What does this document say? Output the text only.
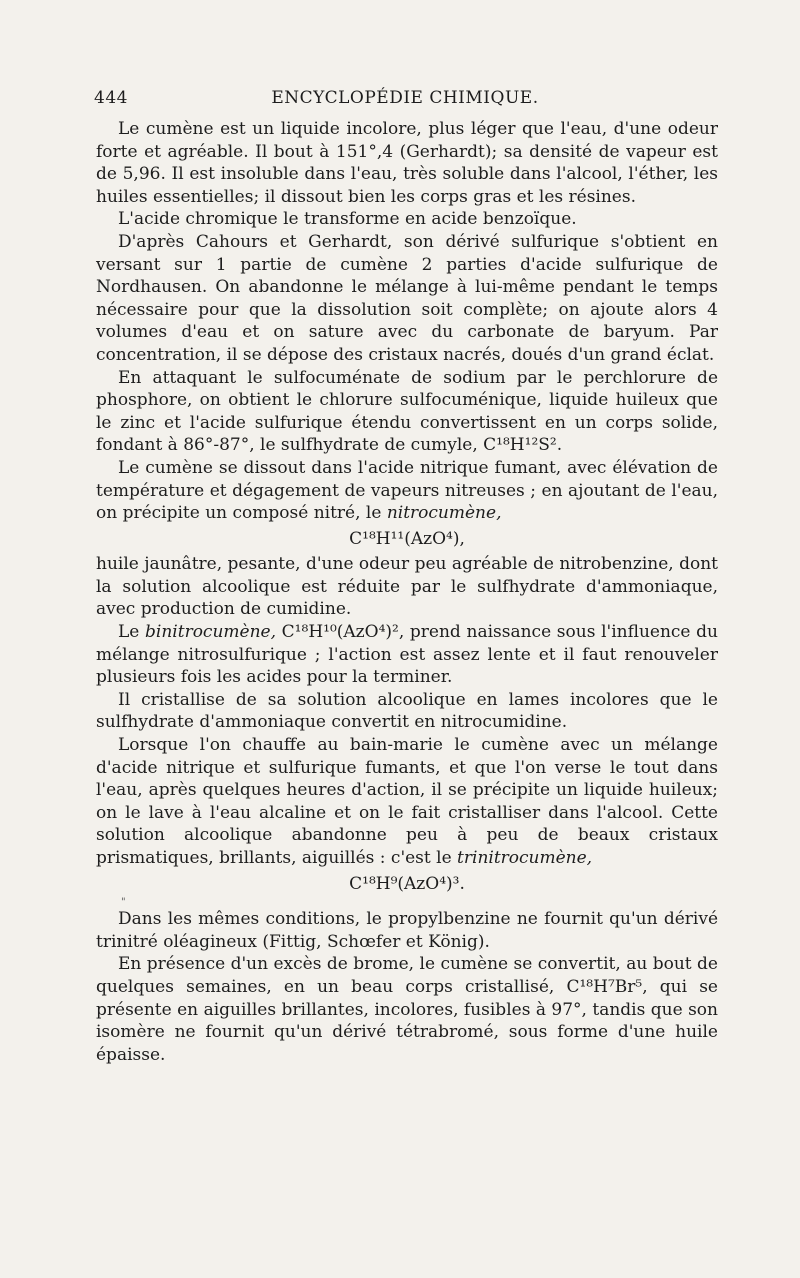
444	ENCYCLOPÉDIE CHIMIQUE.

Le cumène est un liquide incolore, plus léger que l'eau, d'une odeur forte et agréable. Il bout à 151°,4 (Gerhardt); sa densité de vapeur est de 5,96. Il est insoluble dans l'eau, très soluble dans l'alcool, l'éther, les huiles essentielles; il dissout bien les corps gras et les résines.

L'acide chromique le transforme en acide benzoïque.

D'après Cahours et Gerhardt, son dérivé sulfurique s'obtient en versant sur 1 partie de cumène 2 parties d'acide sulfurique de Nordhausen. On abandonne le mélange à lui-même pendant le temps nécessaire pour que la dissolution soit complète; on ajoute alors 4 volumes d'eau et on sature avec du carbonate de baryum. Par concentration, il se dépose des cristaux nacrés, doués d'un grand éclat.

En attaquant le sulfocuménate de sodium par le perchlorure de phosphore, on obtient le chlorure sulfocuménique, liquide huileux que le zinc et l'acide sulfurique étendu convertissent en un corps solide, fondant à 86°-87°, le sulfhydrate de cumyle, C¹⁸H¹²S².

Le cumène se dissout dans l'acide nitrique fumant, avec élévation de température et dégagement de vapeurs nitreuses ; en ajoutant de l'eau, on précipite un composé nitré, le nitrocumène,

C¹⁸H¹¹(AzO⁴),

huile jaunâtre, pesante, d'une odeur peu agréable de nitrobenzine, dont la solution alcoolique est réduite par le sulfhydrate d'ammoniaque, avec production de cumidine.

Le binitrocumène, C¹⁸H¹⁰(AzO⁴)², prend naissance sous l'influence du mélange nitrosulfurique ; l'action est assez lente et il faut renouveler plusieurs fois les acides pour la terminer.

Il cristallise de sa solution alcoolique en lames incolores que le sulfhydrate d'ammoniaque convertit en nitrocumidine.

Lorsque l'on chauffe au bain-marie le cumène avec un mélange d'acide nitrique et sulfurique fumants, et que l'on verse le tout dans l'eau, après quelques heures d'action, il se précipite un liquide huileux; on le lave à l'eau alcaline et on le fait cristalliser dans l'alcool. Cette solution alcoolique abandonne peu à peu de beaux cristaux prismatiques, brillants, aiguillés : c'est le trinitrocumène,

C¹⁸H⁹(AzO⁴)³.
"

Dans les mêmes conditions, le propylbenzine ne fournit qu'un dérivé trinitré oléagineux (Fittig, Schœfer et König).

En présence d'un excès de brome, le cumène se convertit, au bout de quelques semaines, en un beau corps cristallisé, C¹⁸H⁷Br⁵, qui se présente en aiguilles brillantes, incolores, fusibles à 97°, tandis que son isomère ne fournit qu'un dérivé tétrabromé, sous forme d'une huile épaisse.
